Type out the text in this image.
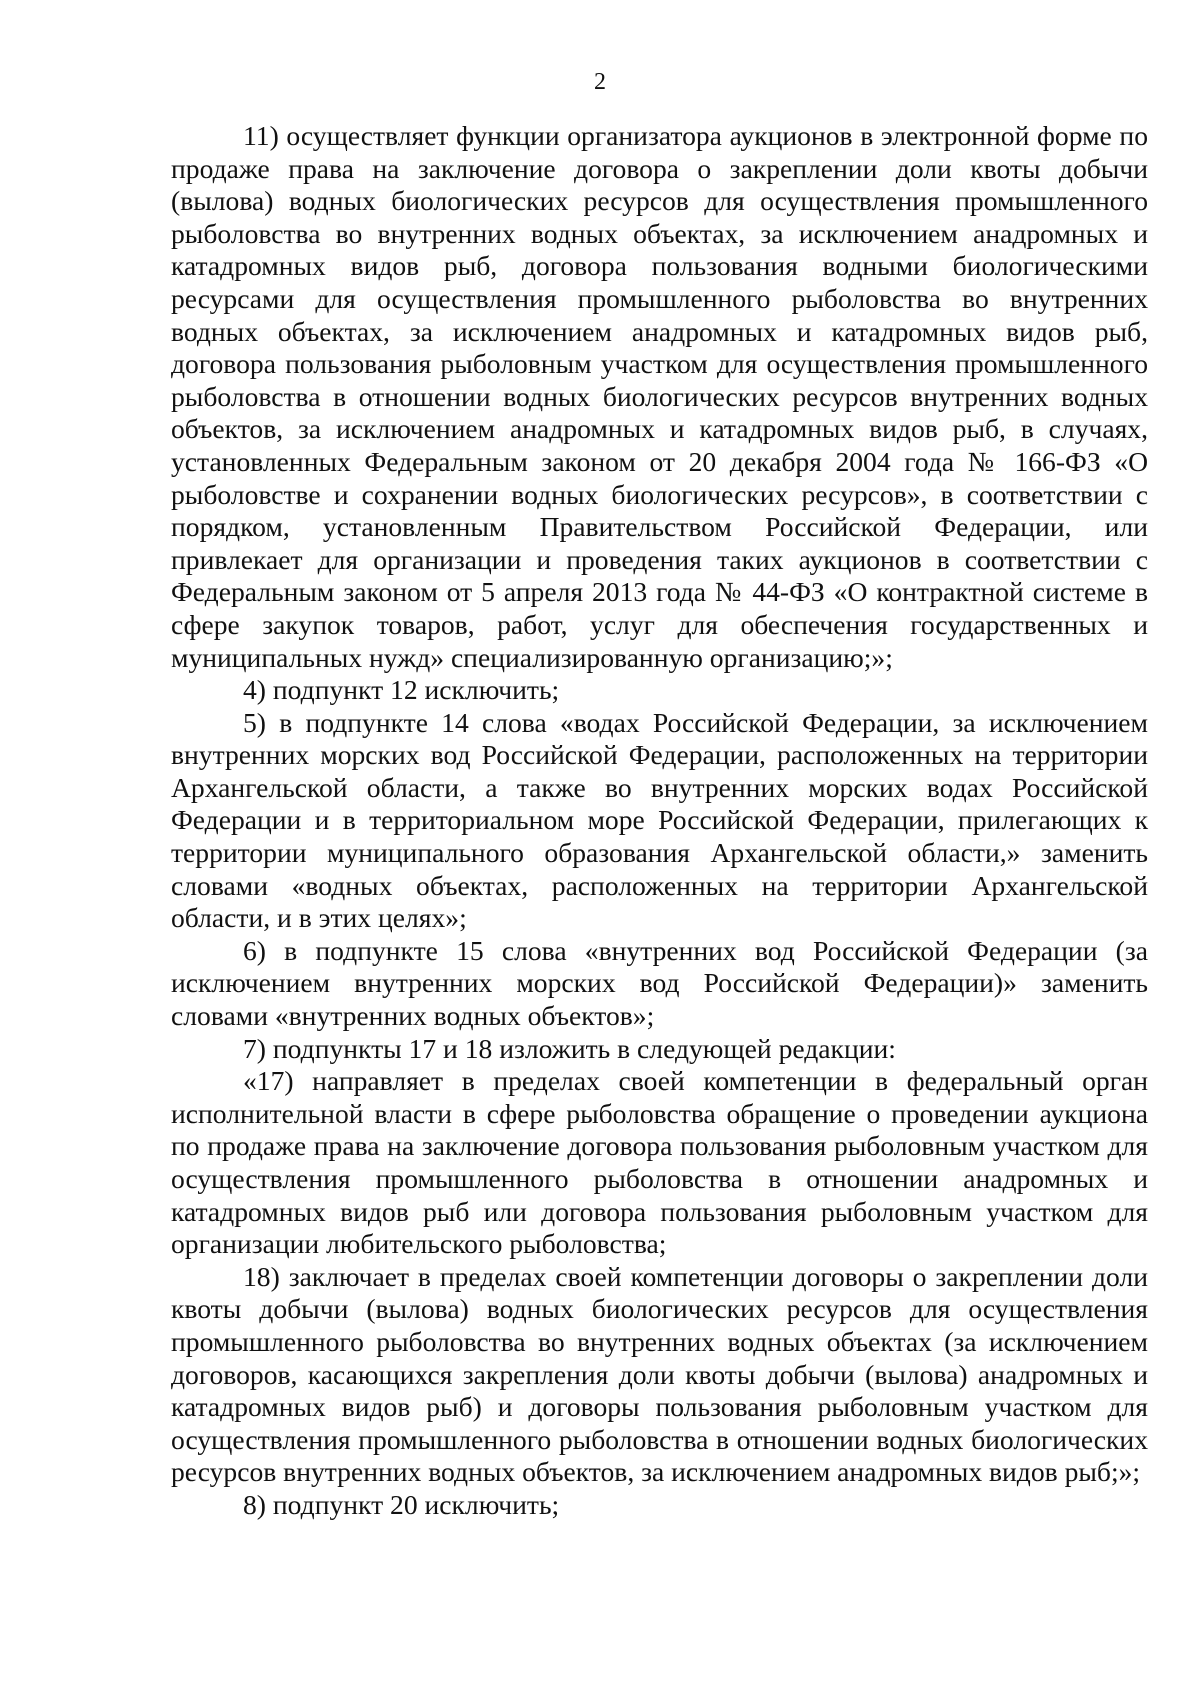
2

11) осуществляет функции организатора аукционов в электронной форме по продаже права на заключение договора о закреплении доли квоты добычи (вылова) водных биологических ресурсов для осуществления промышленного рыболовства во внутренних водных объектах, за исключением анадромных и катадромных видов рыб, договора пользования водными биологическими ресурсами для осуществления промышленного рыболовства во внутренних водных объектах, за исключением анадромных и катадромных видов рыб, договора пользования рыболовным участком для осуществления промышленного рыболовства в отношении водных биологических ресурсов внутренних водных объектов, за исключением анадромных и катадромных видов рыб, в случаях, установленных Федеральным законом от 20 декабря 2004 года № 166-ФЗ «О рыболовстве и сохранении водных биологических ресурсов», в соответствии с порядком, установленным Правительством Российской Федерации, или привлекает для организации и проведения таких аукционов в соответствии с Федеральным законом от 5 апреля 2013 года № 44-ФЗ «О контрактной системе в сфере закупок товаров, работ, услуг для обеспечения государственных и муниципальных нужд» специализированную организацию;»;

4) подпункт 12 исключить;

5) в подпункте 14 слова «водах Российской Федерации, за исключением внутренних морских вод Российской Федерации, расположенных на территории Архангельской области, а также во внутренних морских водах Российской Федерации и в территориальном море Российской Федерации, прилегающих к территории муниципального образования Архангельской области,» заменить словами «водных объектах, расположенных на территории Архангельской области, и в этих целях»;

6) в подпункте 15 слова «внутренних вод Российской Федерации (за исключением внутренних морских вод Российской Федерации)» заменить словами «внутренних водных объектов»;

7) подпункты 17 и 18 изложить в следующей редакции:

«17) направляет в пределах своей компетенции в федеральный орган исполнительной власти в сфере рыболовства обращение о проведении аукциона по продаже права на заключение договора пользования рыболовным участком для осуществления промышленного рыболовства в отношении анадромных и катадромных видов рыб или договора пользования рыболовным участком для организации любительского рыболовства;

18) заключает в пределах своей компетенции договоры о закреплении доли квоты добычи (вылова) водных биологических ресурсов для осуществления промышленного рыболовства во внутренних водных объектах (за исключением договоров, касающихся закрепления доли квоты добычи (вылова) анадромных и катадромных видов рыб) и договоры пользования рыболовным участком для осуществления промышленного рыболовства в отношении водных биологических ресурсов внутренних водных объектов, за исключением анадромных видов рыб;»;

8) подпункт 20 исключить;
